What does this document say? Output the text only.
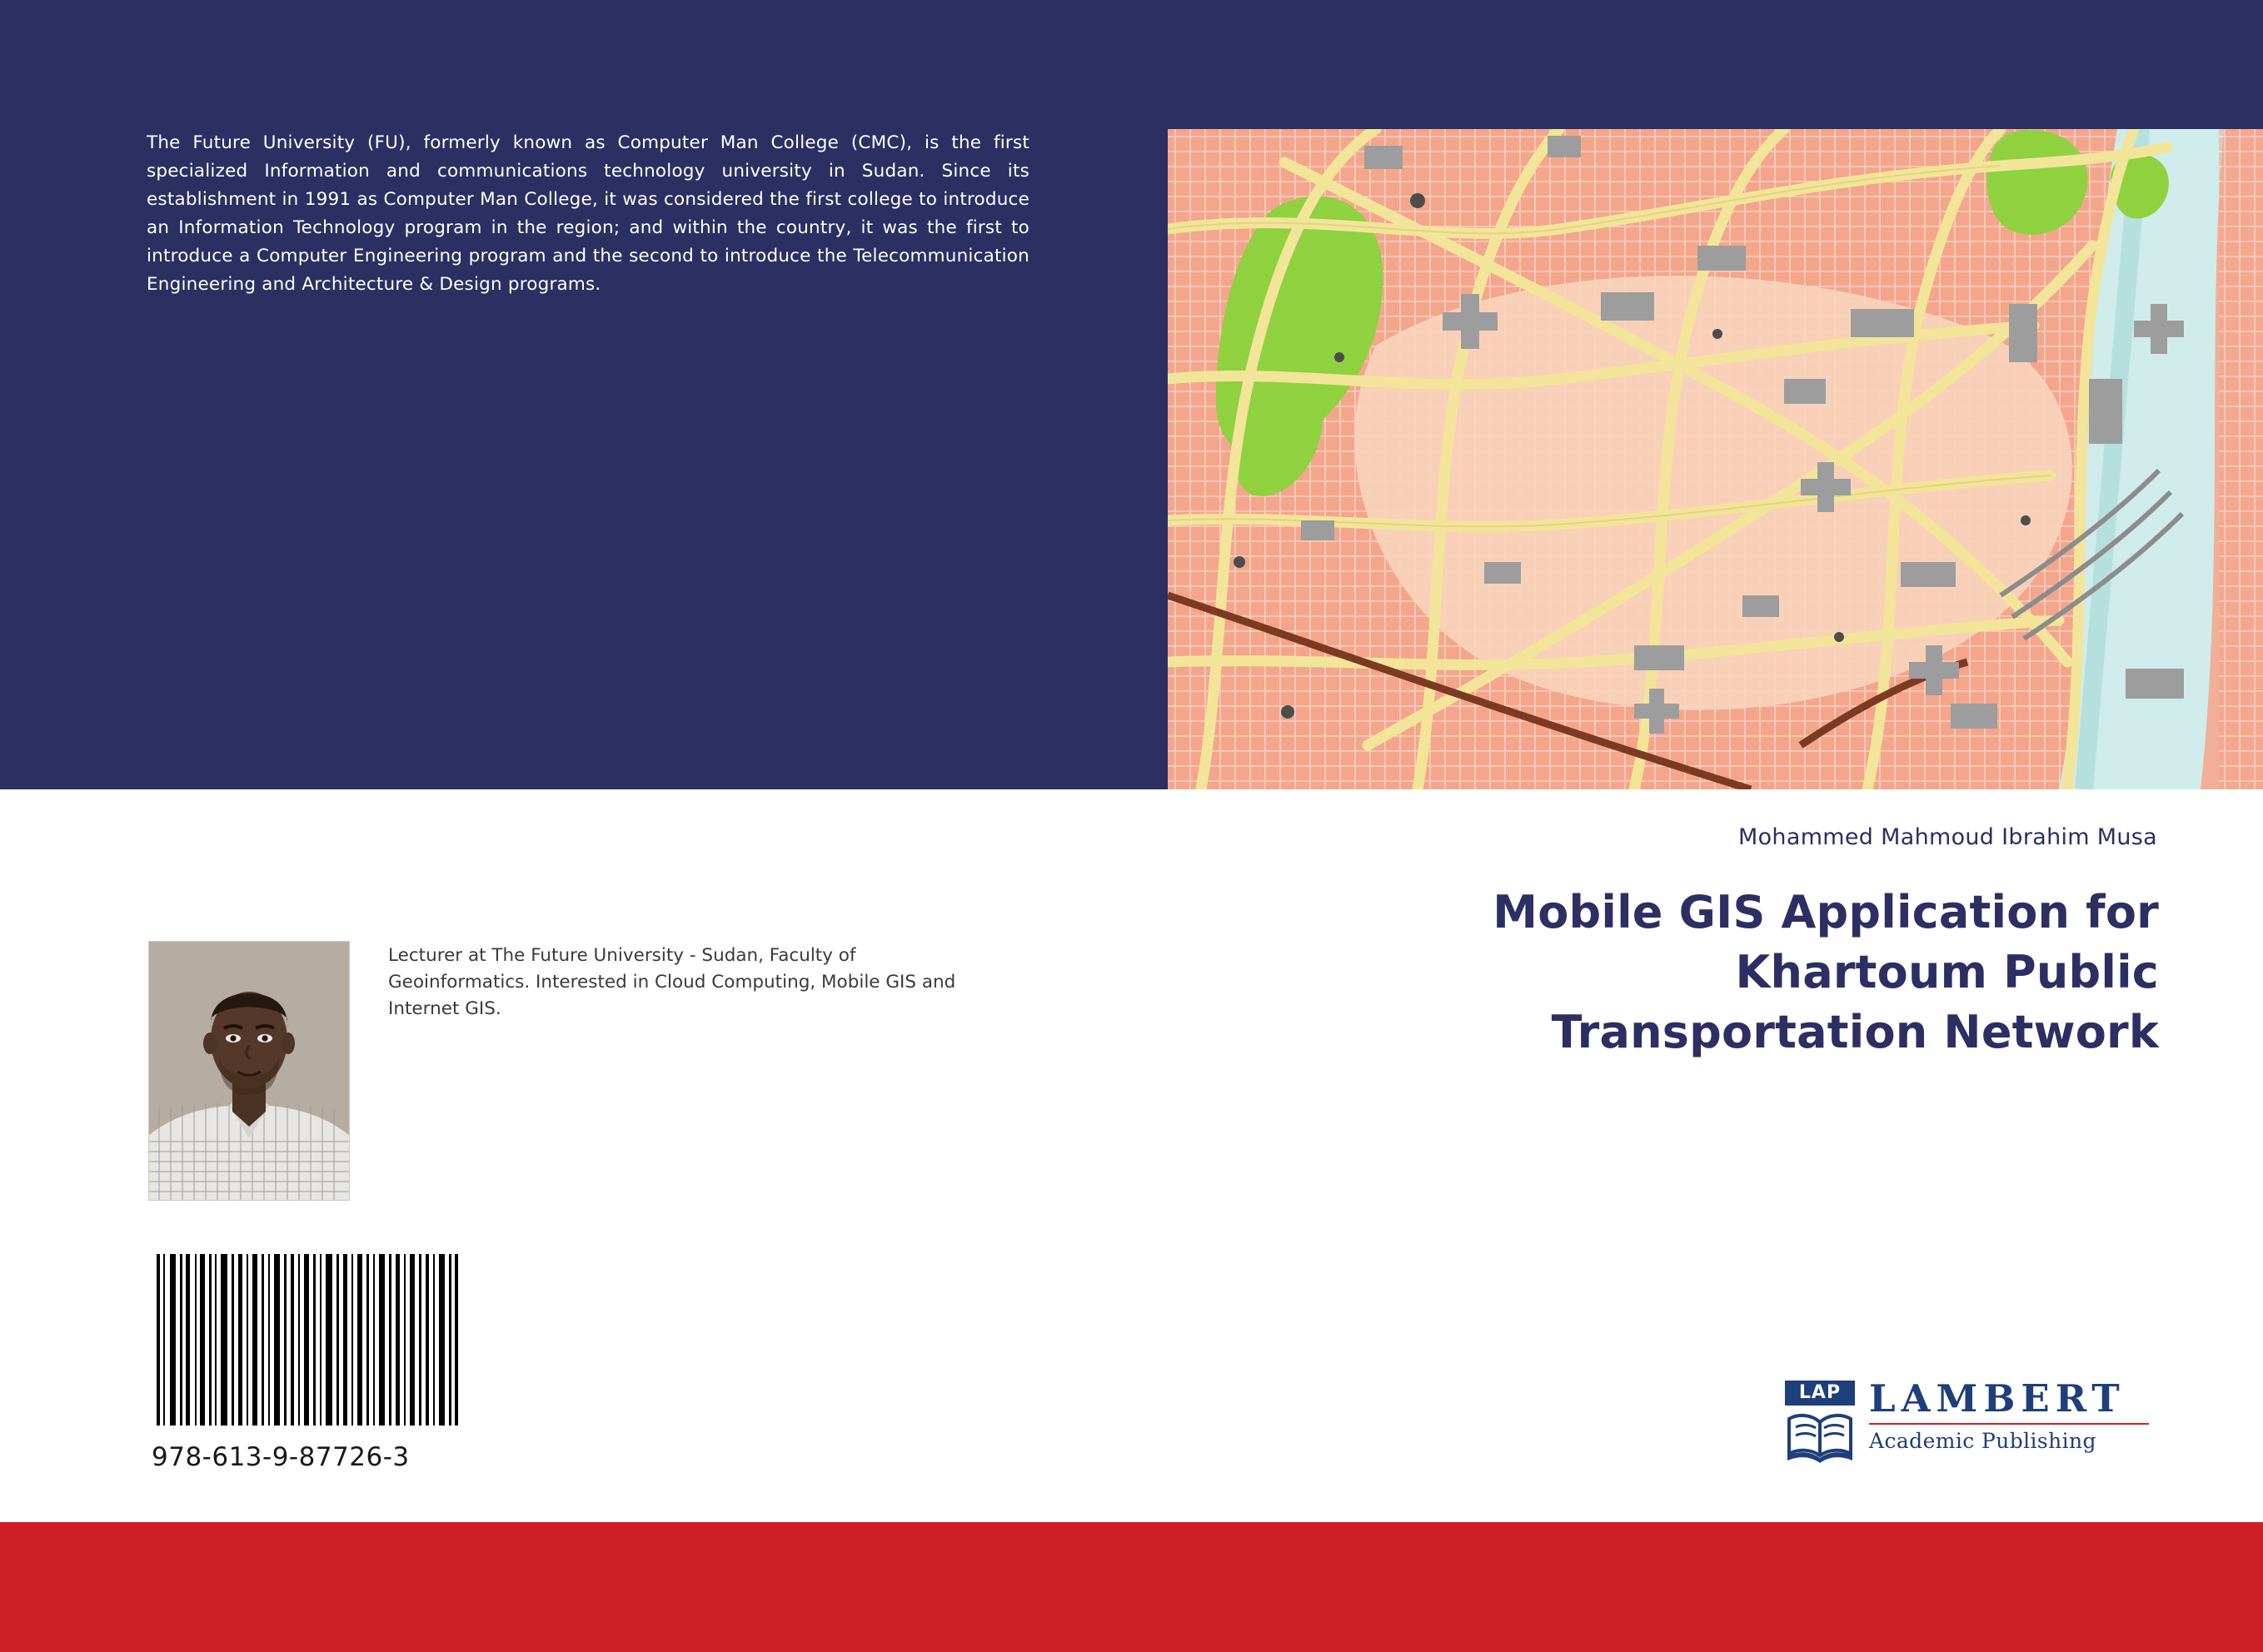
The Future University (FU), formerly known as Computer Man College (CMC), is the first specialized Information and communications technology university in Sudan. Since its establishment in 1991 as Computer Man College, it was considered the first college to introduce an Information Technology program in the region; and within the country, it was the first to introduce a Computer Engineering program and the second to introduce the Telecommunication Engineering and Architecture & Design programs.
Mohammed Mahmoud Ibrahim Musa
Mobile GIS Application for
Khartoum Public
Transportation Network
Lecturer at The Future University - Sudan, Faculty of Geoinformatics. Interested in Cloud Computing, Mobile GIS and Internet GIS.
978-613-9-87726-3
LAP LAMBERT
Academic Publishing
